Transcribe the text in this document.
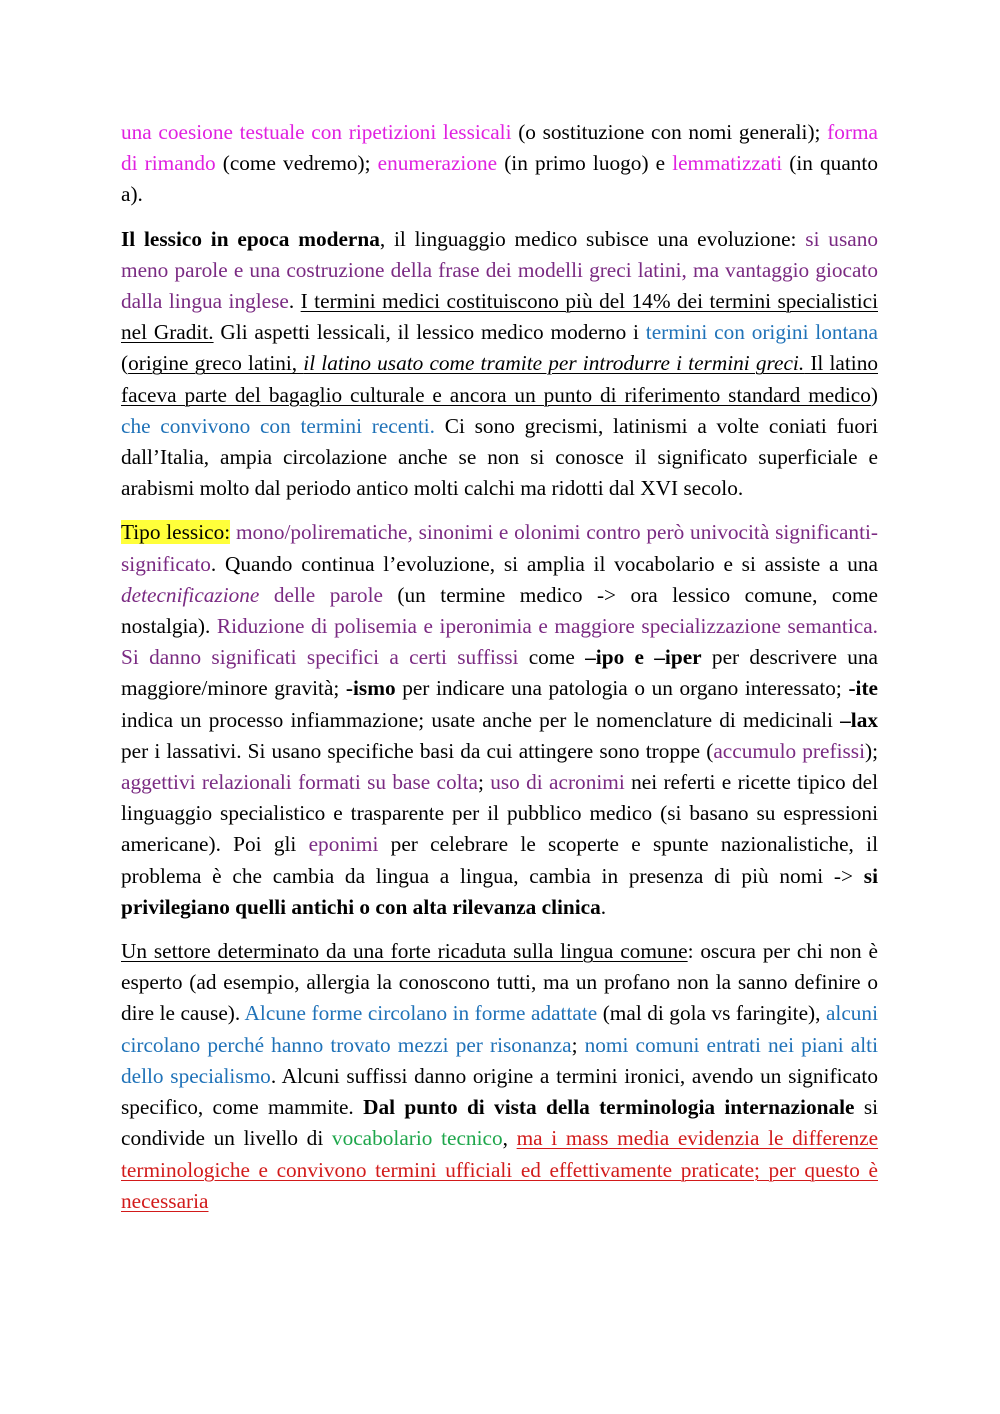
una coesione testuale con ripetizioni lessicali (o sostituzione con nomi generali); forma di rimando (come vedremo); enumerazione (in primo luogo) e lemmatizzati (in quanto a).

Il lessico in epoca moderna, il linguaggio medico subisce una evoluzione: si usano meno parole e una costruzione della frase dei modelli greci latini, ma vantaggio giocato dalla lingua inglese. I termini medici costituiscono più del 14% dei termini specialistici nel Gradit. Gli aspetti lessicali, il lessico medico moderno i termini con origini lontana (origine greco latini, il latino usato come tramite per introdurre i termini greci. Il latino faceva parte del bagaglio culturale e ancora un punto di riferimento standard medico) che convivono con termini recenti. Ci sono grecismi, latinismi a volte coniati fuori dall’Italia, ampia circolazione anche se non si conosce il significato superficiale e arabismi molto dal periodo antico molti calchi ma ridotti dal XVI secolo.

Tipo lessico: mono/polirematiche, sinonimi e olonimi contro però univocità significanti-significato. Quando continua l’evoluzione, si amplia il vocabolario e si assiste a una detecnificazione delle parole (un termine medico -> ora lessico comune, come nostalgia). Riduzione di polisemia e iperonimia e maggiore specializzazione semantica. Si danno significati specifici a certi suffissi come –ipo e –iper per descrivere una maggiore/minore gravità; -ismo per indicare una patologia o un organo interessato; -ite indica un processo infiammazione; usate anche per le nomenclature di medicinali –lax per i lassativi. Si usano specifiche basi da cui attingere sono troppe (accumulo prefissi); aggettivi relazionali formati su base colta; uso di acronimi nei referti e ricette tipico del linguaggio specialistico e trasparente per il pubblico medico (si basano su espressioni americane). Poi gli eponimi per celebrare le scoperte e spunte nazionalistiche, il problema è che cambia da lingua a lingua, cambia in presenza di più nomi -> si privilegiano quelli antichi o con alta rilevanza clinica.

Un settore determinato da una forte ricaduta sulla lingua comune: oscura per chi non è esperto (ad esempio, allergia la conoscono tutti, ma un profano non la sanno definire o dire le cause). Alcune forme circolano in forme adattate (mal di gola vs faringite), alcuni circolano perché hanno trovato mezzi per risonanza; nomi comuni entrati nei piani alti dello specialismo. Alcuni suffissi danno origine a termini ironici, avendo un significato specifico, come mammite. Dal punto di vista della terminologia internazionale si condivide un livello di vocabolario tecnico, ma i mass media evidenzia le differenze terminologiche e convivono termini ufficiali ed effettivamente praticate; per questo è necessaria
